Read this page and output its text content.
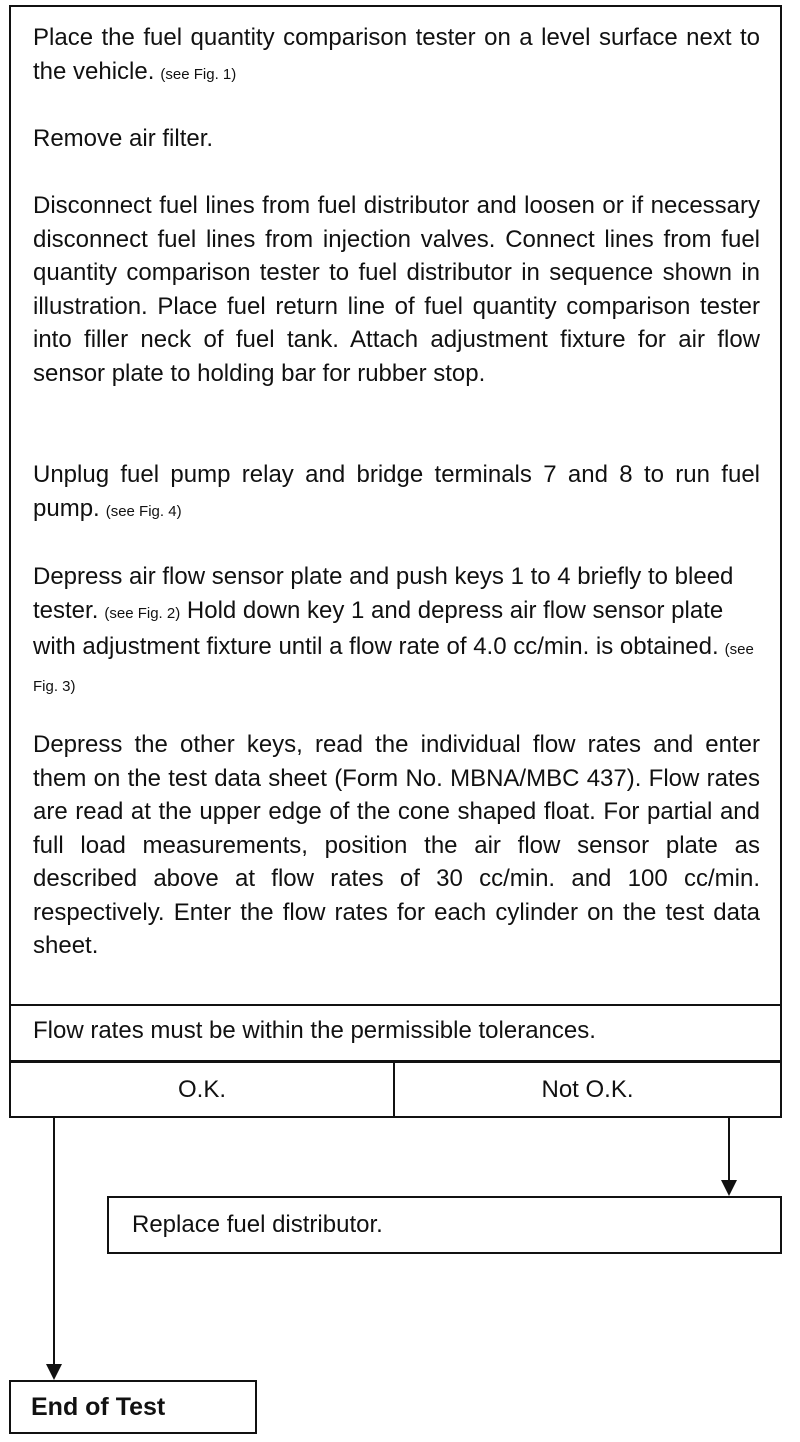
Place the fuel quantity comparison tester on a level surface next to the vehicle. (see Fig. 1)

Remove air filter.

Disconnect fuel lines from fuel distributor and loosen or if necessary disconnect fuel lines from injection valves. Connect lines from fuel quantity comparison tester to fuel distributor in sequence shown in illustration. Place fuel return line of fuel quantity comparison tester into filler neck of fuel tank. Attach adjustment fixture for air flow sensor plate to holding bar for rubber stop.

Unplug fuel pump relay and bridge terminals 7 and 8 to run fuel pump. (see Fig. 4)

Depress air flow sensor plate and push keys 1 to 4 briefly to bleed tester. (see Fig. 2) Hold down key 1 and depress air flow sensor plate with adjustment fixture until a flow rate of 4.0 cc/min. is obtained. (see Fig. 3)

Depress the other keys, read the individual flow rates and enter them on the test data sheet (Form No. MBNA/MBC 437). Flow rates are read at the upper edge of the cone shaped float. For partial and full load measurements, position the air flow sensor plate as described above at flow rates of 30 cc/min. and 100 cc/min. respectively. Enter the flow rates for each cylinder on the test data sheet.

Flow rates must be within the permissible tolerances.

O.K.	Not O.K.
Replace fuel distributor.
End of Test
